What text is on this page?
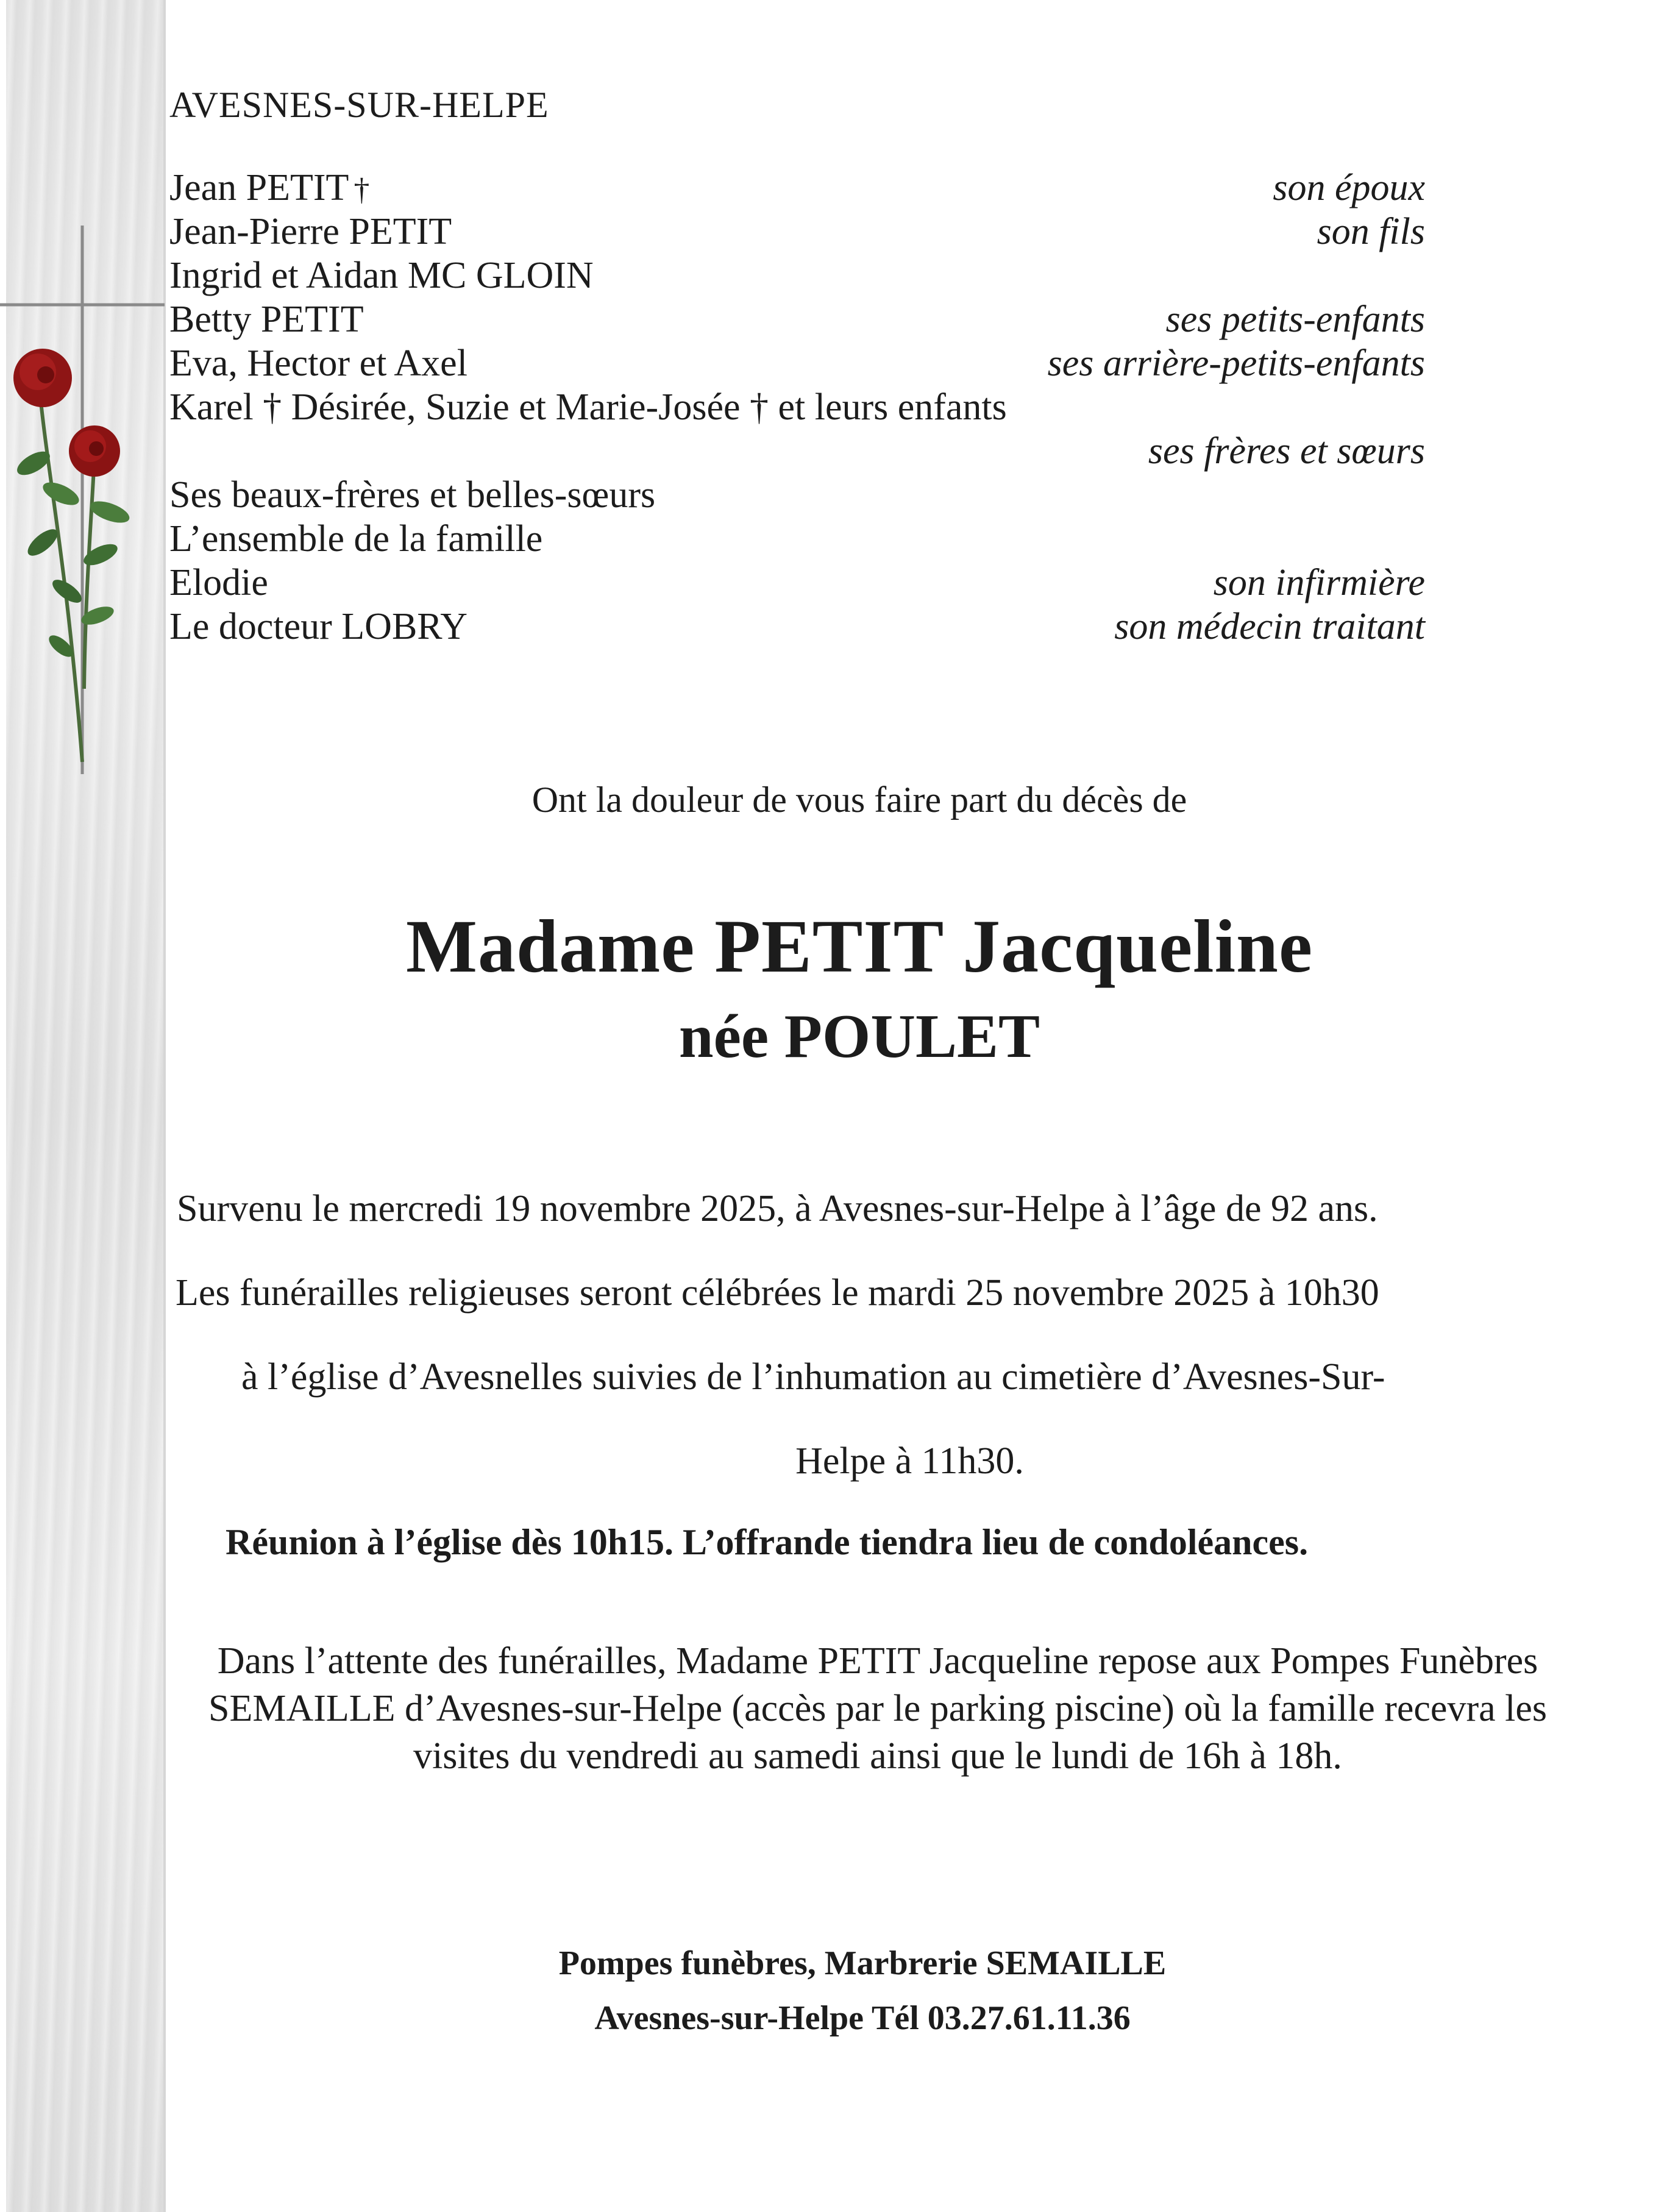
AVESNES-SUR-HELPE
Jean PETIT †	son époux
Jean-Pierre PETIT	son fils
Ingrid et Aidan MC GLOIN
Betty PETIT	ses petits-enfants
Eva, Hector et Axel	ses arrière-petits-enfants
Karel † Désirée, Suzie et Marie-Josée † et leurs enfants
ses frères et sœurs
Ses beaux-frères et belles-sœurs
L’ensemble de la famille
Elodie	son infirmière
Le docteur LOBRY	son médecin traitant
Ont la douleur de vous faire part du décès de
Madame PETIT Jacqueline
née POULET
Survenu le mercredi 19 novembre 2025, à Avesnes-sur-Helpe à l’âge de 92 ans.
Les funérailles religieuses seront célébrées le mardi 25 novembre 2025 à 10h30
à l’église d’Avesnelles suivies de l’inhumation au cimetière d’Avesnes-Sur-
Helpe à 11h30.
Réunion à l’église dès 10h15. L’offrande tiendra lieu de condoléances.
Dans l’attente des funérailles, Madame PETIT Jacqueline repose aux Pompes Funèbres SEMAILLE d’Avesnes-sur-Helpe (accès par le parking piscine) où la famille recevra les visites du vendredi au samedi ainsi que le lundi de 16h à 18h.
Pompes funèbres, Marbrerie SEMAILLE
Avesnes-sur-Helpe Tél 03.27.61.11.36
